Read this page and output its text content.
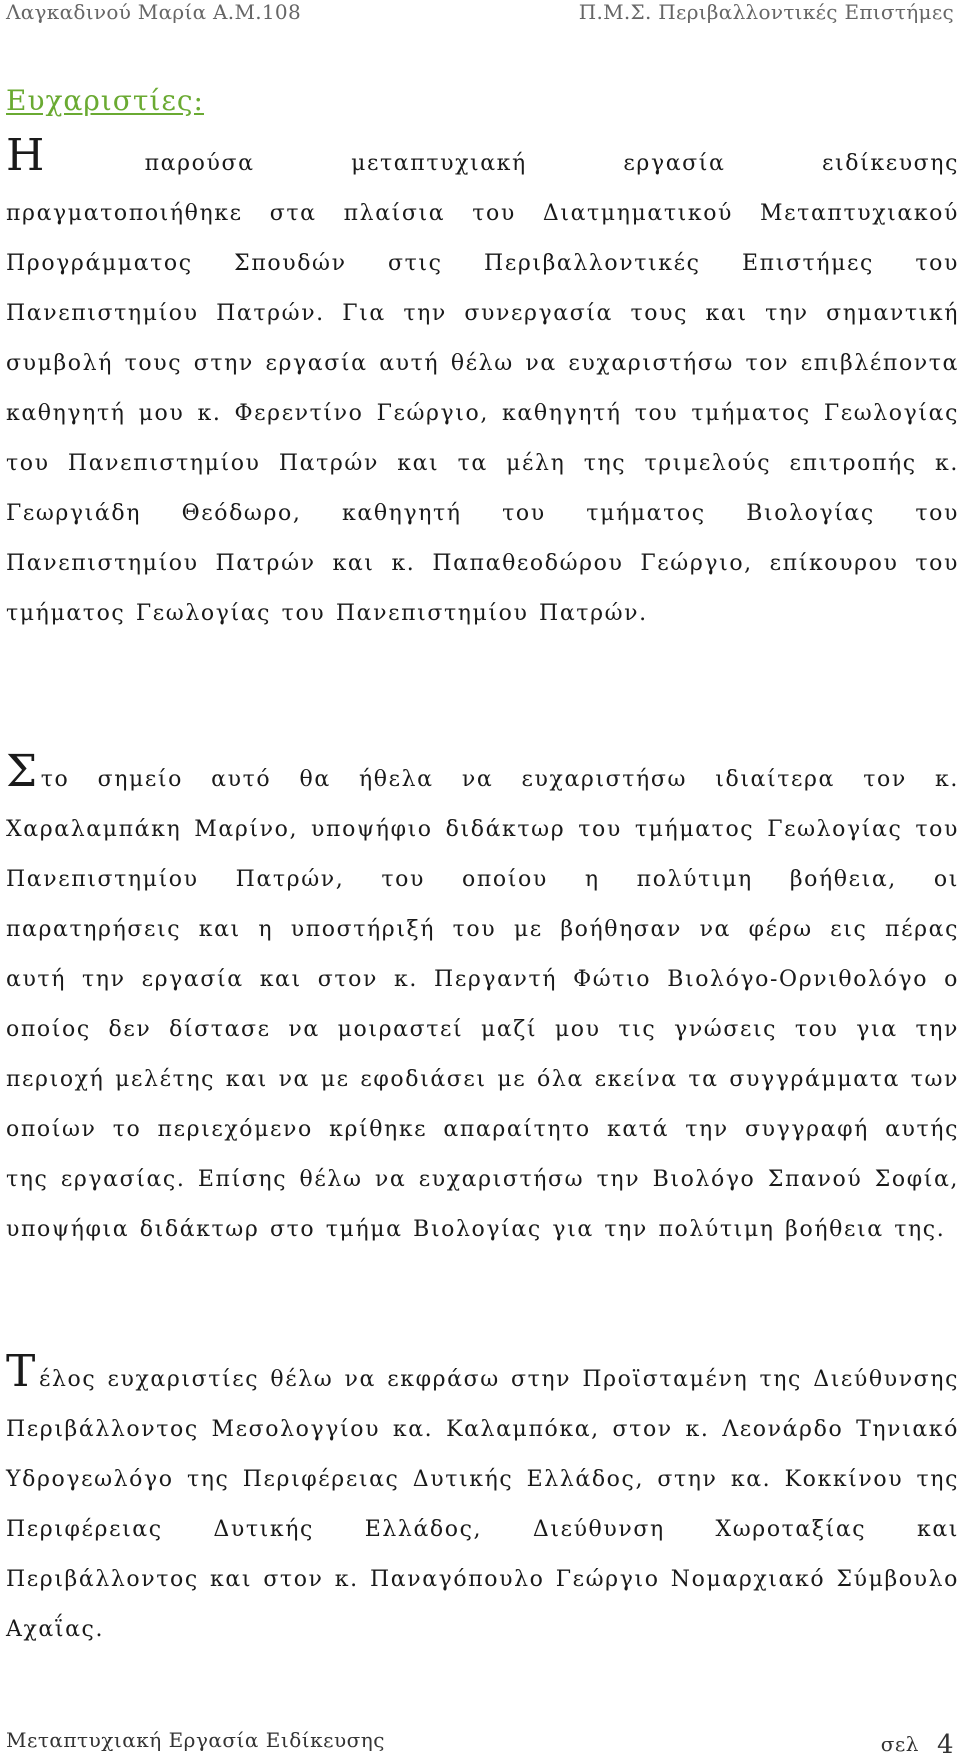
Λαγκαδινού Μαρία Α.Μ.108	Π.Μ.Σ. Περιβαλλοντικές Επιστήμες
Ευχαριστίες:
Η παρούσα μεταπτυχιακή εργασία ειδίκευσης
πραγματοποιήθηκε στα πλαίσια του Διατμηματικού Μεταπτυχιακού Προγράμματος Σπουδών στις Περιβαλλοντικές Επιστήμες του Πανεπιστημίου Πατρών. Για την συνεργασία τους και την σημαντική συμβολή τους στην εργασία αυτή θέλω να ευχαριστήσω τον επιβλέποντα καθηγητή μου κ. Φερεντίνο Γεώργιο, καθηγητή του τμήματος Γεωλογίας του Πανεπιστημίου Πατρών και τα μέλη της τριμελούς επιτροπής κ. Γεωργιάδη Θεόδωρο, καθηγητή του τμήματος Βιολογίας του Πανεπιστημίου Πατρών και κ. Παπαθεοδώρου Γεώργιο, επίκουρου του τμήματος Γεωλογίας του Πανεπιστημίου Πατρών.
Στο σημείο αυτό θα ήθελα να ευχαριστήσω ιδιαίτερα τον κ. Χαραλαμπάκη Μαρίνο, υποψήφιο διδάκτωρ του τμήματος Γεωλογίας του Πανεπιστημίου Πατρών, του οποίου η πολύτιμη βοήθεια, οι παρατηρήσεις και η υποστήριξή του με βοήθησαν να φέρω εις πέρας αυτή την εργασία και στον κ. Περγαντή Φώτιο Βιολόγο-Ορνιθολόγο ο οποίος δεν δίστασε να μοιραστεί μαζί μου τις γνώσεις του για την περιοχή μελέτης και να με εφοδιάσει με όλα εκείνα τα συγγράμματα των οποίων το περιεχόμενο κρίθηκε απαραίτητο κατά την συγγραφή αυτής της εργασίας. Επίσης θέλω να ευχαριστήσω την Βιολόγο Σπανού Σοφία, υποψήφια διδάκτωρ στο τμήμα Βιολογίας για την πολύτιμη βοήθεια της.
Τέλος ευχαριστίες θέλω να εκφράσω στην Προϊσταμένη της Διεύθυνσης Περιβάλλοντος Μεσολογγίου κα. Καλαμπόκα, στον κ. Λεονάρδο Τηνιακό Υδρογεωλόγο της Περιφέρειας Δυτικής Ελλάδος, στην κα. Κοκκίνου της Περιφέρειας Δυτικής Ελλάδος, Διεύθυνση Χωροταξίας και Περιβάλλοντος και στον κ. Παναγόπουλο Γεώργιο Νομαρχιακό Σύμβουλο Αχαΐας.
Μεταπτυχιακή Εργασία Ειδίκευσης	σελ 4
